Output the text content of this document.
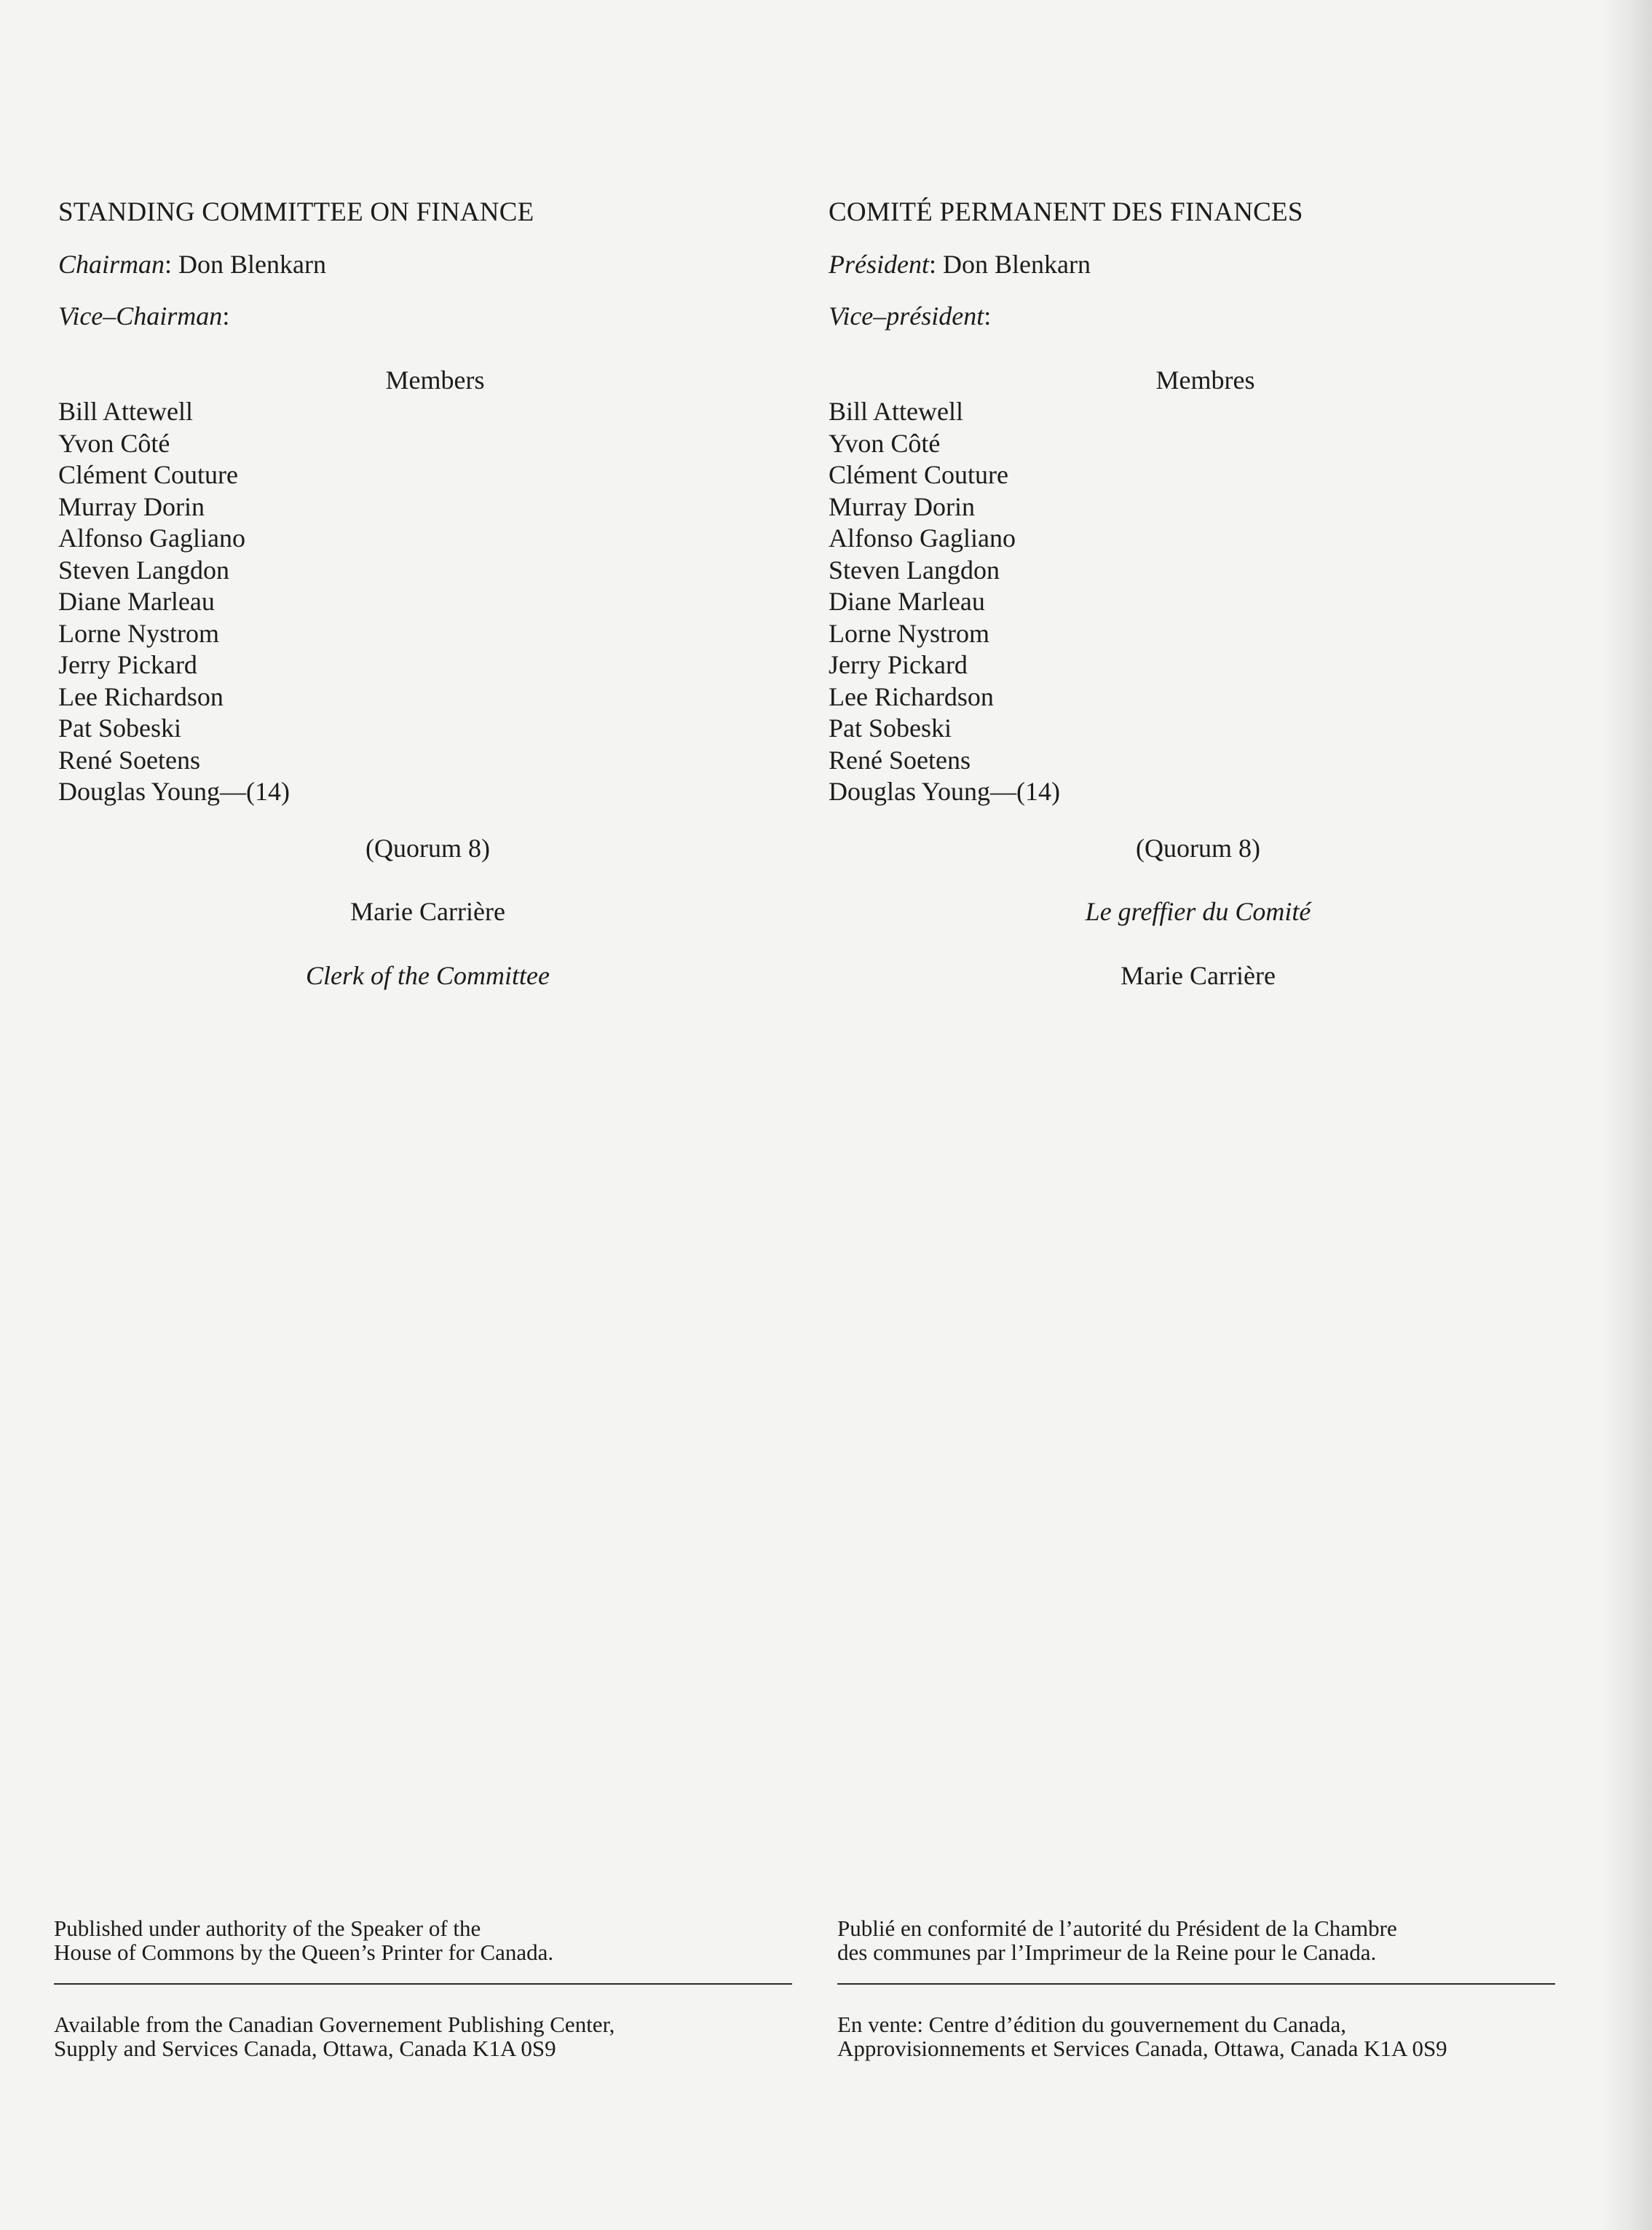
STANDING COMMITTEE ON FINANCE

Chairman: Don Blenkarn

Vice–Chairman:

Members
Bill Attewell
Yvon Côté
Clément Couture
Murray Dorin
Alfonso Gagliano
Steven Langdon
Diane Marleau
Lorne Nystrom
Jerry Pickard
Lee Richardson
Pat Sobeski
René Soetens
Douglas Young—(14)
(Quorum 8)
Marie Carrière
Clerk of the Committee

COMITÉ PERMANENT DES FINANCES

Président: Don Blenkarn

Vice–président:

Membres
Bill Attewell
Yvon Côté
Clément Couture
Murray Dorin
Alfonso Gagliano
Steven Langdon
Diane Marleau
Lorne Nystrom
Jerry Pickard
Lee Richardson
Pat Sobeski
René Soetens
Douglas Young—(14)
(Quorum 8)
Le greffier du Comité
Marie Carrière

Published under authority of the Speaker of the

House of Commons by the Queen’s Printer for Canada.

Available from the Canadian Governement Publishing Center,

Supply and Services Canada, Ottawa, Canada K1A 0S9

Publié en conformité de l’autorité du Président de la Chambre

des communes par l’Imprimeur de la Reine pour le Canada.

En vente: Centre d’édition du gouvernement du Canada,

Approvisionnements et Services Canada, Ottawa, Canada K1A 0S9
